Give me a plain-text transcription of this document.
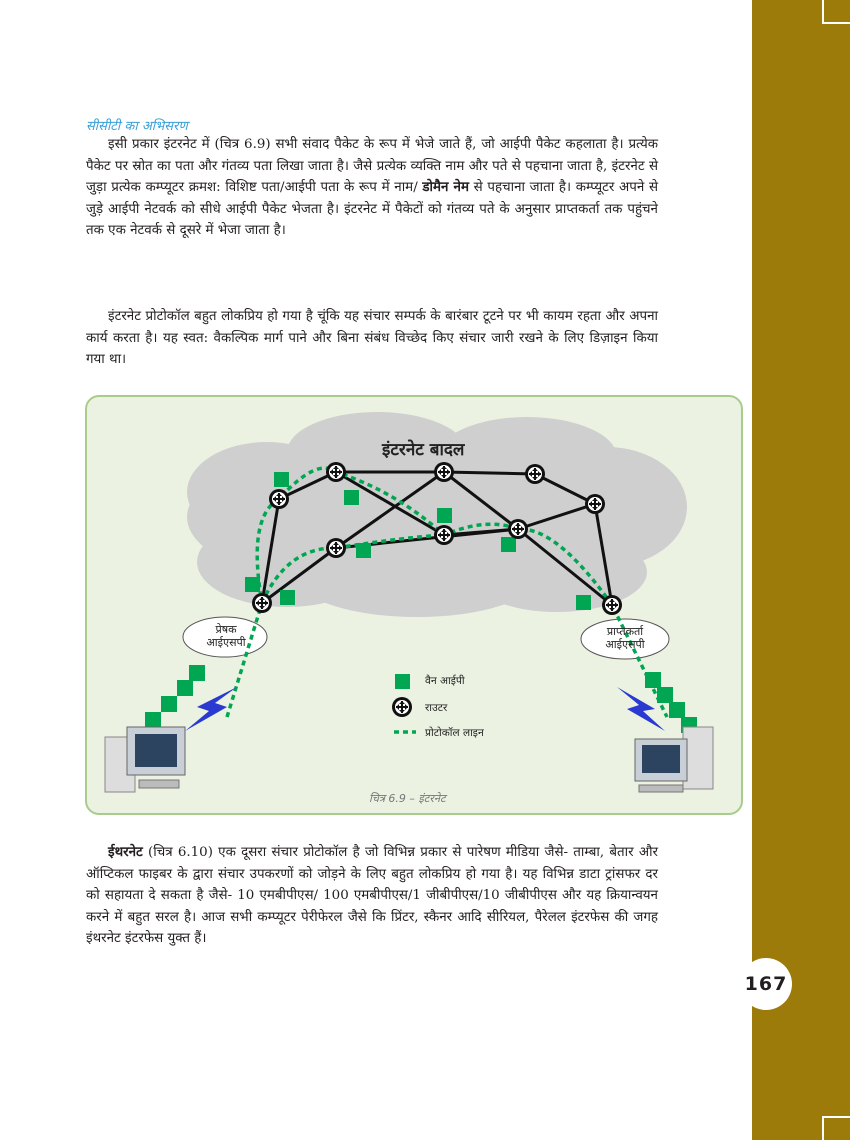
सीसीटी का अभिसरण

इसी प्रकार इंटरनेट में (चित्र 6.9) सभी संवाद पैकेट के रूप में भेजे जाते हैं, जो आईपी पैकेट कहलाता है। प्रत्येक पैकेट पर स्रोत का पता और गंतव्य पता लिखा जाता है। जैसे प्रत्येक व्यक्ति नाम और पते से पहचाना जाता है, इंटरनेट से जुड़ा प्रत्येक कम्प्यूटर क्रमश: विशिष्ट पता/आईपी पता के रूप में नाम/ डोमैन नेम से पहचाना जाता है। कम्प्यूटर अपने से जुड़े आईपी नेटवर्क को सीधे आईपी पैकेट भेजता है। इंटरनेट में पैकेटों को गंतव्य पते के अनुसार प्राप्तकर्ता तक पहुंचने तक एक नेटवर्क से दूसरे में भेजा जाता है।

इंटरनेट प्रोटोकॉल बहुत लोकप्रिय हो गया है चूंकि यह संचार सम्पर्क के बारंबार टूटने पर भी कायम रहता और अपना कार्य करता है। यह स्वत: वैकल्पिक मार्ग पाने और बिना संबंध विच्छेद किए संचार जारी रखने के लिए डिज़ाइन किया गया था।

इंटरनेट बादल
प्रेषक
आईएसपी
प्राप्तकर्ता
आईएसपी
वैन आईपी
राउटर
प्रोटोकॉल लाइन
चित्र 6.9 – इंटरनेट

ईथरनेट (चित्र 6.10) एक दूसरा संचार प्रोटोकॉल है जो विभिन्न प्रकार से पारेषण मीडिया जैसे- ताम्बा, बेतार और ऑप्टिकल फाइबर के द्वारा संचार उपकरणों को जोड़ने के लिए बहुत लोकप्रिय हो गया है। यह विभिन्न डाटा ट्रांसफर दर को सहायता दे सकता है जैसे- 10 एमबीपीएस/ 100 एमबीपीएस/1 जीबीपीएस/10 जीबीपीएस और यह क्रियान्वयन करने में बहुत सरल है। आज सभी कम्प्यूटर पेरीफेरल जैसे कि प्रिंटर, स्कैनर आदि सीरियल, पैरेलल इंटरफेस की जगह इंथरनेट इंटरफेस युक्त हैं।

167
